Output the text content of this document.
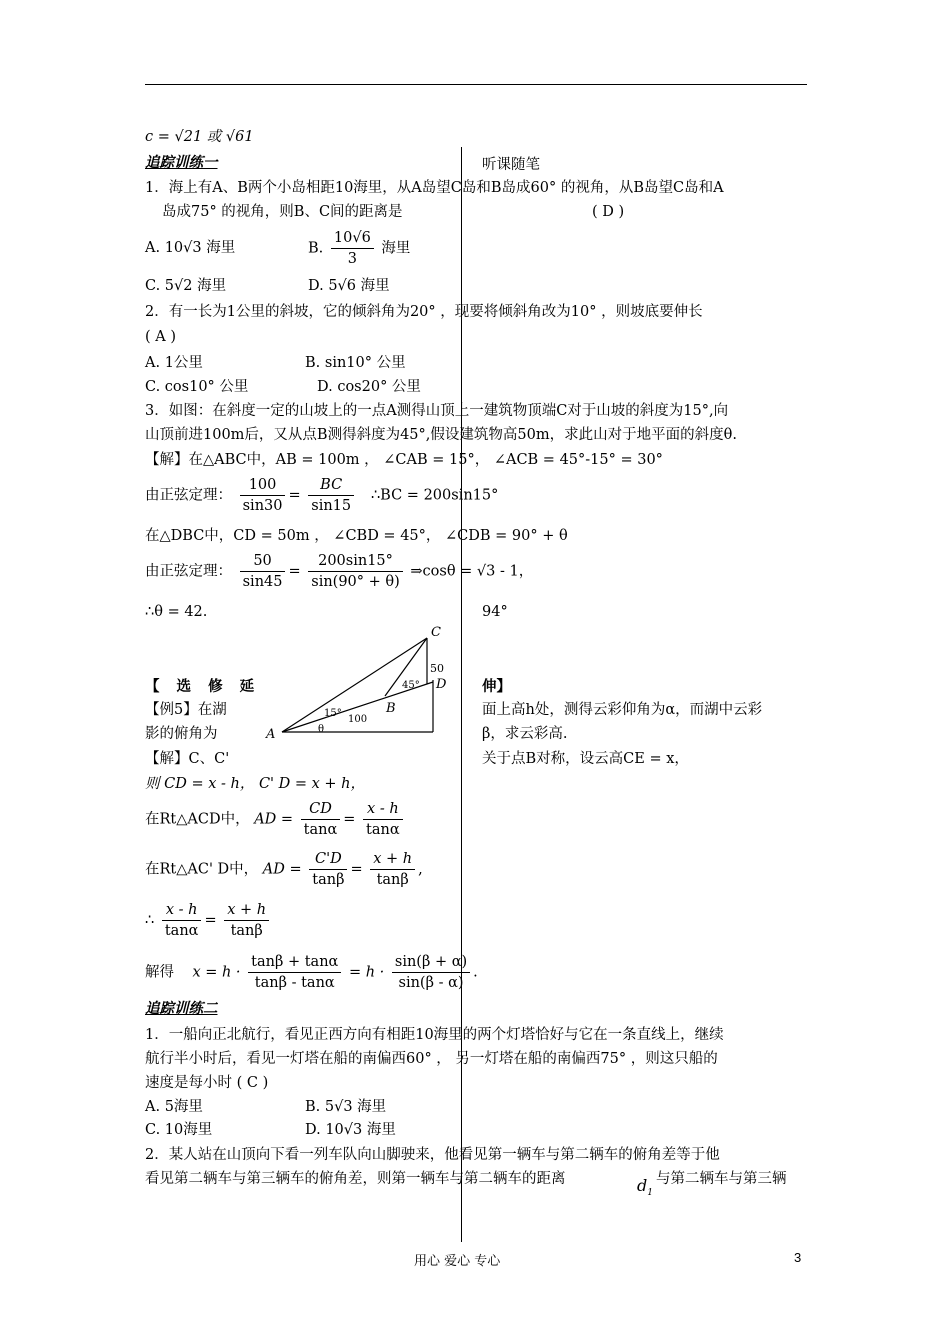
c = √21 或 √61
听课随笔
追踪训练一
1．海上有A、B两个小岛相距10海里，从A岛望C岛和B岛成60° 的视角，从B岛望C岛和A
岛成75° 的视角，则B、C间的距离是	( D )
A. 10√3 海里	B. $\frac{10√6}{3}$ 海里
C. 5√2 海里	D. 5√6 海里
2．有一长为1公里的斜坡，它的倾斜角为20° ，现要将倾斜角改为10° ，则坡底要伸长
( A )
A. 1公里	B. sin10° 公里
C. cos10° 公里	D. cos20° 公里
3．如图：在斜度一定的山坡上的一点A测得山顶上一建筑物顶端C对于山坡的斜度为15°,向
山顶前进100m后，又从点B测得斜度为45°,假设建筑物高50m，求此山对于地平面的斜度θ.
【解】在△ABC中，AB = 100m ， ∠CAB = 15°， ∠ACB = 45°-15° = 30°
由正弦定理： $\frac{100}{\sin 30} = \frac{BC}{\sin 15}$ ∴BC = 200sin15°
在△DBC中，CD = 50m ， ∠CBD = 45°， ∠CDB = 90° + θ
由正弦定理： $\frac{50}{\sin 45} = \frac{200\sin 15^\circ}{\sin(90^\circ + \theta)}$ ⇒cosθ = √3 - 1，
∴θ = 42.	94°
A
B
C
D
50
45°
15°
100
θ
【 选 修 延	伸】
【例5】在湖	面上高h处，测得云彩仰角为α，而湖中云彩
影的俯角为	β，求云彩高.
【解】C、C'	关于点B对称，设云高CE = x，
则 CD = x - h， C' D = x + h，
在Rt△ACD中， AD = $\frac{CD}{\tan\alpha} = \frac{x - h}{\tan\alpha}$
在Rt△AC' D中， AD = $\frac{C'D}{\tan\beta} = \frac{x + h}{\tan\beta}$ ,
∴ $\frac{x - h}{\tan\alpha} = \frac{x + h}{\tan\beta}$
解得 $x = h \cdot \frac{\tan\beta + \tan\alpha}{\tan\beta - \tan\alpha} = h \cdot \frac{\sin(\beta + \alpha)}{\sin(\beta - \alpha)}$ .
追踪训练二
1．一船向正北航行，看见正西方向有相距10海里的两个灯塔恰好与它在一条直线上，继续
航行半小时后，看见一灯塔在船的南偏西60° ， 另一灯塔在船的南偏西75° ，则这只船的
速度是每小时 ( C )
A. 5海里	B. 5√3 海里
C. 10海里	D. 10√3 海里
2．某人站在山顶向下看一列车队向山脚驶来，他看见第一辆车与第二辆车的俯角差等于他
看见第二辆车与第三辆车的俯角差，则第一辆车与第二辆车的距离	$d_1$
与第二辆车与第三辆
用心 爱心 专心	3
